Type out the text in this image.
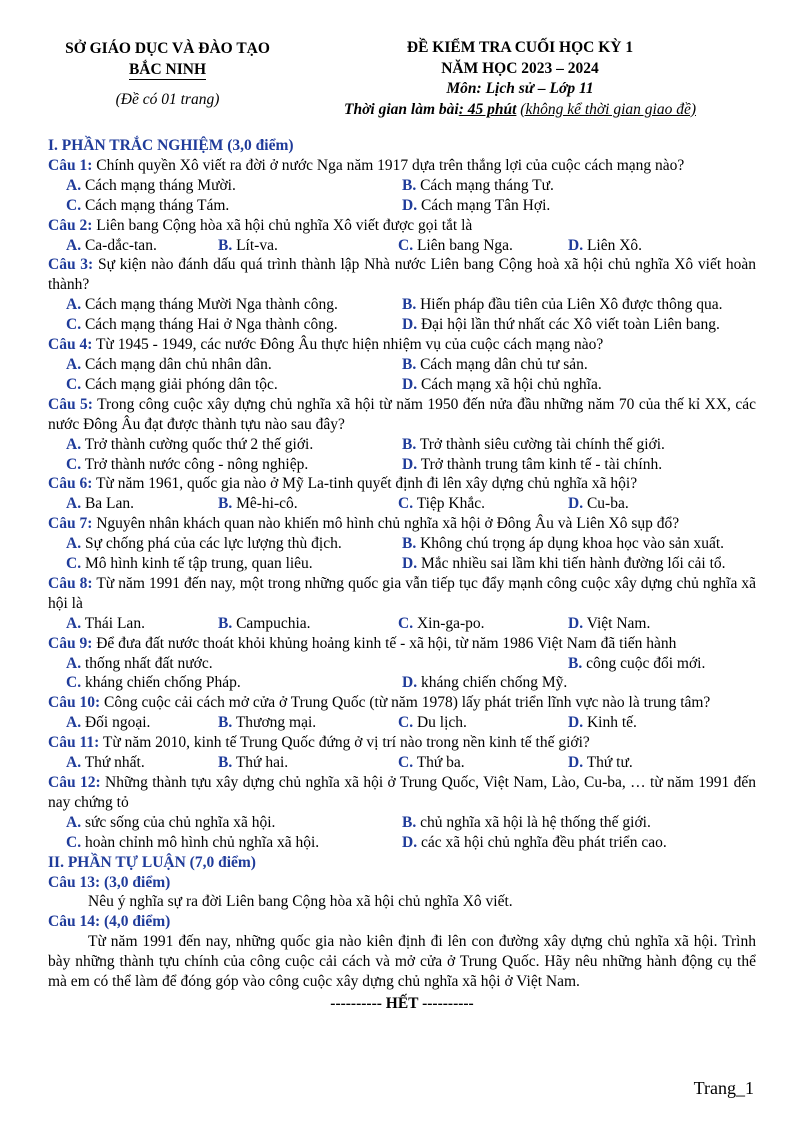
SỞ GIÁO DỤC VÀ ĐÀO TẠO
BẮC NINH
(Đề có 01 trang)
ĐỀ KIỂM TRA CUỐI HỌC KỲ 1
NĂM HỌC 2023 – 2024
Môn: Lịch sử – Lớp 11
Thời gian làm bài: 45 phút (không kể thời gian giao đề)
I. PHẦN TRẮC NGHIỆM (3,0 điểm)

Câu 1: Chính quyền Xô viết ra đời ở nước Nga năm 1917 dựa trên thắng lợi của cuộc cách mạng nào?

A. Cách mạng tháng Mười.	B. Cách mạng tháng Tư.
C. Cách mạng tháng Tám.	D. Cách mạng Tân Hợi.

Câu 2: Liên bang Cộng hòa xã hội chủ nghĩa Xô viết được gọi tắt là

A. Ca-dắc-tan.	B. Lít-va.	C. Liên bang Nga.	D. Liên Xô.

Câu 3: Sự kiện nào đánh dấu quá trình thành lập Nhà nước Liên bang Cộng hoà xã hội chủ nghĩa Xô viết hoàn thành?

A. Cách mạng tháng Mười Nga thành công.	B. Hiến pháp đầu tiên của Liên Xô được thông qua.
C. Cách mạng tháng Hai ở Nga thành công.	D. Đại hội lần thứ nhất các Xô viết toàn Liên bang.

Câu 4: Từ 1945 - 1949, các nước Đông Âu thực hiện nhiệm vụ của cuộc cách mạng nào?

A. Cách mạng dân chủ nhân dân.	B. Cách mạng dân chủ tư sản.
C. Cách mạng giải phóng dân tộc.	D. Cách mạng xã hội chủ nghĩa.

Câu 5: Trong công cuộc xây dựng chủ nghĩa xã hội từ năm 1950 đến nửa đầu những năm 70 của thế kỉ XX, các nước Đông Âu đạt được thành tựu nào sau đây?

A. Trở thành cường quốc thứ 2 thế giới.	B. Trở thành siêu cường tài chính thế giới.
C. Trở thành nước công - nông nghiệp.	D. Trở thành trung tâm kinh tế - tài chính.

Câu 6: Từ năm 1961, quốc gia nào ở Mỹ La-tinh quyết định đi lên xây dựng chủ nghĩa xã hội?

A. Ba Lan.	B. Mê-hi-cô.	C. Tiệp Khắc.	D. Cu-ba.

Câu 7: Nguyên nhân khách quan nào khiến mô hình chủ nghĩa xã hội ở Đông Âu và Liên Xô sụp đổ?

A. Sự chống phá của các lực lượng thù địch.	B. Không chú trọng áp dụng khoa học vào sản xuất.
C. Mô hình kinh tế tập trung, quan liêu.	D. Mắc nhiều sai lầm khi tiến hành đường lối cải tổ.

Câu 8: Từ năm 1991 đến nay, một trong những quốc gia vẫn tiếp tục đẩy mạnh công cuộc xây dựng chủ nghĩa xã hội là

A. Thái Lan.	B. Campuchia.	C. Xin-ga-po.	D. Việt Nam.

Câu 9: Để đưa đất nước thoát khỏi khủng hoảng kinh tế - xã hội, từ năm 1986 Việt Nam đã tiến hành

A. thống nhất đất nước.	B. công cuộc đổi mới.
C. kháng chiến chống Pháp.	D. kháng chiến chống Mỹ.

Câu 10: Công cuộc cải cách mở cửa ở Trung Quốc (từ năm 1978) lấy phát triển lĩnh vực nào là trung tâm?

A. Đối ngoại.	B. Thương mại.	C. Du lịch.	D. Kinh tế.

Câu 11: Từ năm 2010, kinh tế Trung Quốc đứng ở vị trí nào trong nền kinh tế thế giới?

A. Thứ nhất.	B. Thứ hai.	C. Thứ ba.	D. Thứ tư.

Câu 12: Những thành tựu xây dựng chủ nghĩa xã hội ở Trung Quốc, Việt Nam, Lào, Cu-ba, … từ năm 1991 đến nay chứng tỏ

A. sức sống của chủ nghĩa xã hội.	B. chủ nghĩa xã hội là hệ thống thế giới.
C. hoàn chỉnh mô hình chủ nghĩa xã hội.	D. các xã hội chủ nghĩa đều phát triển cao.
II. PHẦN TỰ LUẬN (7,0 điểm)
Câu 13: (3,0 điểm)

Nêu ý nghĩa sự ra đời Liên bang Cộng hòa xã hội chủ nghĩa Xô viết.

Câu 14: (4,0 điểm)

Từ năm 1991 đến nay, những quốc gia nào kiên định đi lên con đường xây dựng chủ nghĩa xã hội. Trình bày những thành tựu chính của công cuộc cải cách và mở cửa ở Trung Quốc. Hãy nêu những hành động cụ thể mà em có thể làm để đóng góp vào công cuộc xây dựng chủ nghĩa xã hội ở Việt Nam.

---------- HẾT ----------
Trang_1
